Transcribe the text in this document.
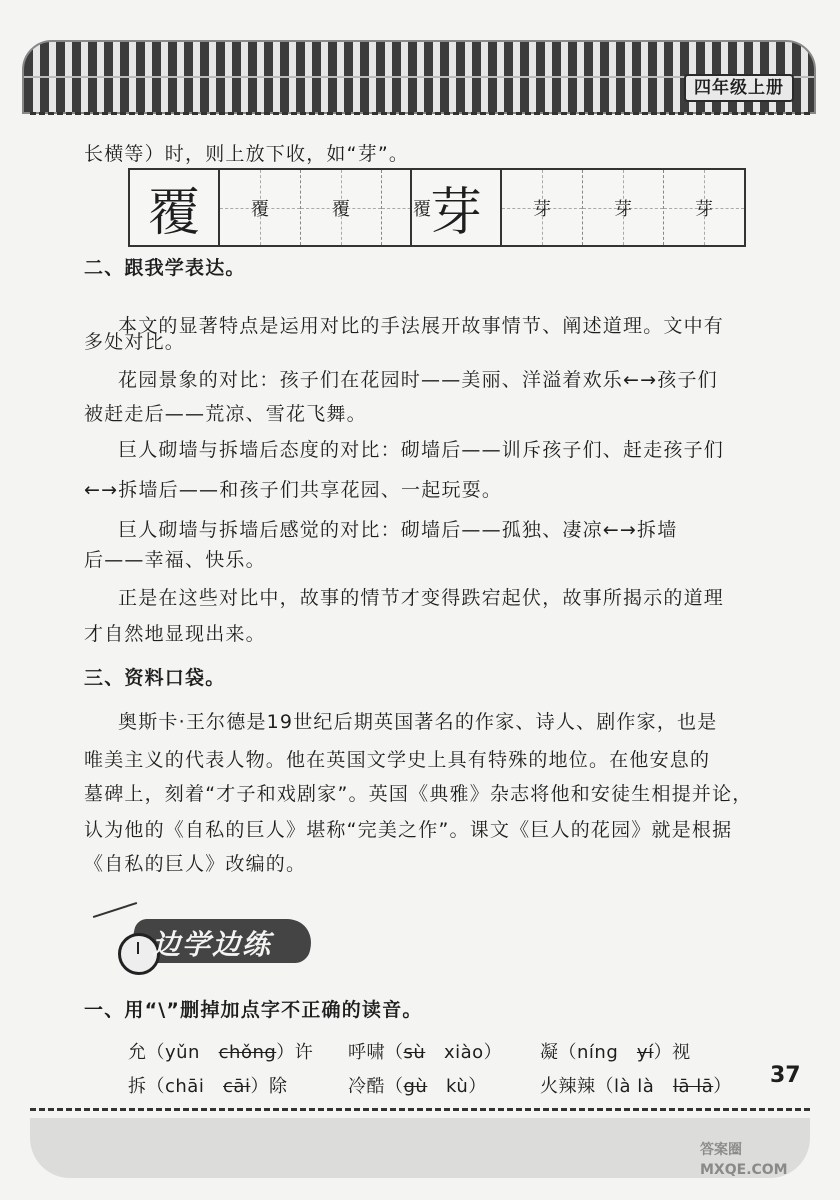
四年级上册
长横等）时，则上放下收，如“芽”。
覆	覆	覆	覆
芽	芽	芽	芽
二、跟我学表达。
本文的显著特点是运用对比的手法展开故事情节、阐述道理。文中有
多处对比。
花园景象的对比：孩子们在花园时——美丽、洋溢着欢乐←→孩子们
被赶走后——荒凉、雪花飞舞。
巨人砌墙与拆墙后态度的对比：砌墙后——训斥孩子们、赶走孩子们
←→拆墙后——和孩子们共享花园、一起玩耍。
巨人砌墙与拆墙后感觉的对比：砌墙后——孤独、凄凉←→拆墙
后——幸福、快乐。
正是在这些对比中，故事的情节才变得跌宕起伏，故事所揭示的道理
才自然地显现出来。
三、资料口袋。
奥斯卡·王尔德是19世纪后期英国著名的作家、诗人、剧作家，也是
唯美主义的代表人物。他在英国文学史上具有特殊的地位。在他安息的
墓碑上，刻着“才子和戏剧家”。英国《典雅》杂志将他和安徒生相提并论，
认为他的《自私的巨人》堪称“完美之作”。课文《巨人的花园》就是根据
《自私的巨人》改编的。
边学边练
一、用“\”删掉加点字不正确的读音。
允（yǔn chǒng）许 呼啸（sù xiào） 凝（níng yí）视
拆（chāi cāi）除	冷酷（gù kù）	火辣辣（là là lā lā） 37
答案圈 MXQE.COM
